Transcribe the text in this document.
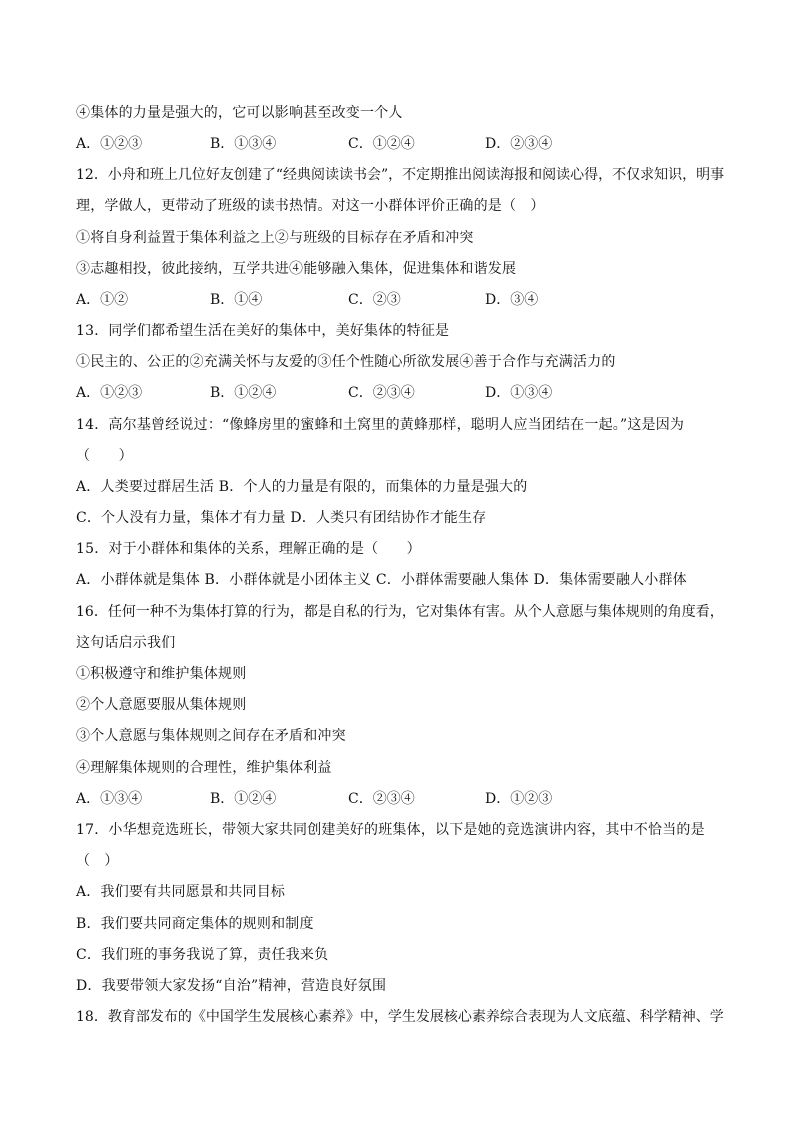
④集体的力量是强大的，它可以影响甚至改变一个人
A．①②③	B．①③④	C．①②④	D．②③④
12．小舟和班上几位好友创建了“经典阅读读书会”，不定期推出阅读海报和阅读心得，不仅求知识，明事
理，学做人，更带动了班级的读书热情。对这一小群体评价正确的是（　）
①将自身利益置于集体利益之上②与班级的目标存在矛盾和冲突
③志趣相投，彼此接纳，互学共进④能够融入集体，促进集体和谐发展
A．①②	B．①④	C．②③	D．③④
13．同学们都希望生活在美好的集体中，美好集体的特征是
①民主的、公正的②充满关怀与友爱的③任个性随心所欲发展④善于合作与充满活力的
A．①②③	B．①②④	C．②③④	D．①③④
14．高尔基曾经说过：“像蜂房里的蜜蜂和土窝里的黄蜂那样，聪明人应当团结在一起。”这是因为
（　　）
A．人类要过群居生活 B．个人的力量是有限的，而集体的力量是强大的
C．个人没有力量，集体才有力量 D．人类只有团结协作才能生存
15．对于小群体和集体的关系，理解正确的是（　　）
A．小群体就是集体 B．小群体就是小团体主义 C．小群体需要融人集体 D．集体需要融人小群体
16．任何一种不为集体打算的行为，都是自私的行为，它对集体有害。从个人意愿与集体规则的角度看，
这句话启示我们
①积极遵守和维护集体规则
②个人意愿要服从集体规则
③个人意愿与集体规则之间存在矛盾和冲突
④理解集体规则的合理性，维护集体利益
A．①③④	B．①②④	C．②③④	D．①②③
17．小华想竞选班长，带领大家共同创建美好的班集体，以下是她的竞选演讲内容，其中不恰当的是
（　）
A．我们要有共同愿景和共同目标
B．我们要共同商定集体的规则和制度
C．我们班的事务我说了算，责任我来负
D．我要带领大家发扬“自治”精神，营造良好氛围
18．教育部发布的《中国学生发展核心素养》中，学生发展核心素养综合表现为人文底蕴、科学精神、学
